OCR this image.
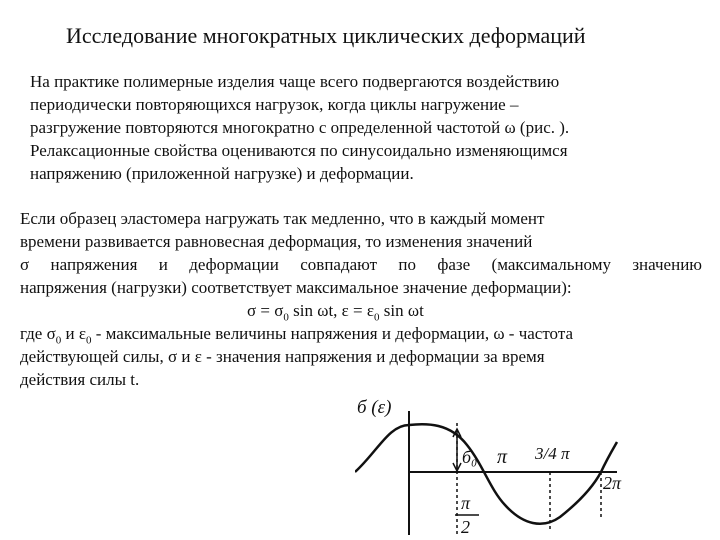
Исследование многократных циклических деформаций
На практике полимерные изделия чаще всего подвергаются воздействию
периодически повторяющихся нагрузок, когда циклы нагружение –
разгружение повторяются многократно с определенной частотой ω (рис. ).
Релаксационные свойства оцениваются по синусоидально изменяющимся
напряжению (приложенной нагрузке) и деформации.
Если образец эластомера нагружать так медленно, что в каждый момент
времени развивается равновесная деформация, то изменения значений
σ напряжения и деформации совпадают по фазе (максимальному значению
напряжения (нагрузки) соответствует максимальное значение деформации):
$\sigma = \sigma_0$ sin ωt, $\varepsilon = \varepsilon_0$ sin ωt
где $\sigma_0$ и $\varepsilon_0$ - максимальные величины напряжения и деформации, ω - частота
действующей силы, σ и ε - значения напряжения и деформации за время
действия силы t.
б (ε)
б₀
π
2
π 3/4 π
2π
